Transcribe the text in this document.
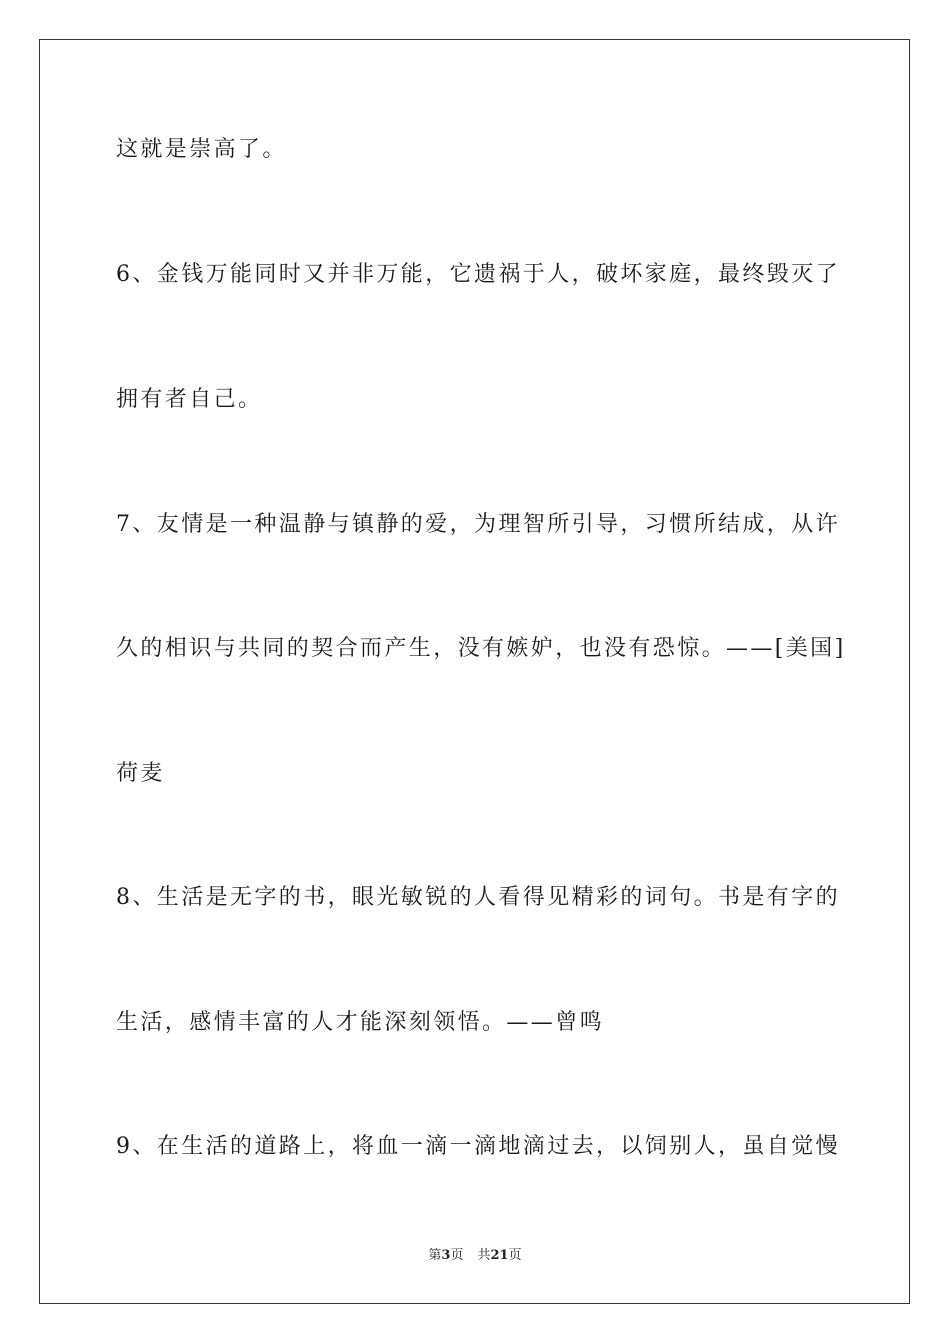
这就是崇高了。
6、金钱万能同时又并非万能，它遗祸于人，破坏家庭，最终毁灭了
拥有者自己。
7、友情是一种温静与镇静的爱，为理智所引导，习惯所结成，从许
久的相识与共同的契合而产生，没有嫉妒，也没有恐惊。——[美国]
荷麦
8、生活是无字的书，眼光敏锐的人看得见精彩的词句。书是有字的
生活，感情丰富的人才能深刻领悟。——曾鸣
9、在生活的道路上，将血一滴一滴地滴过去，以饲别人，虽自觉慢
第3页 共21页
